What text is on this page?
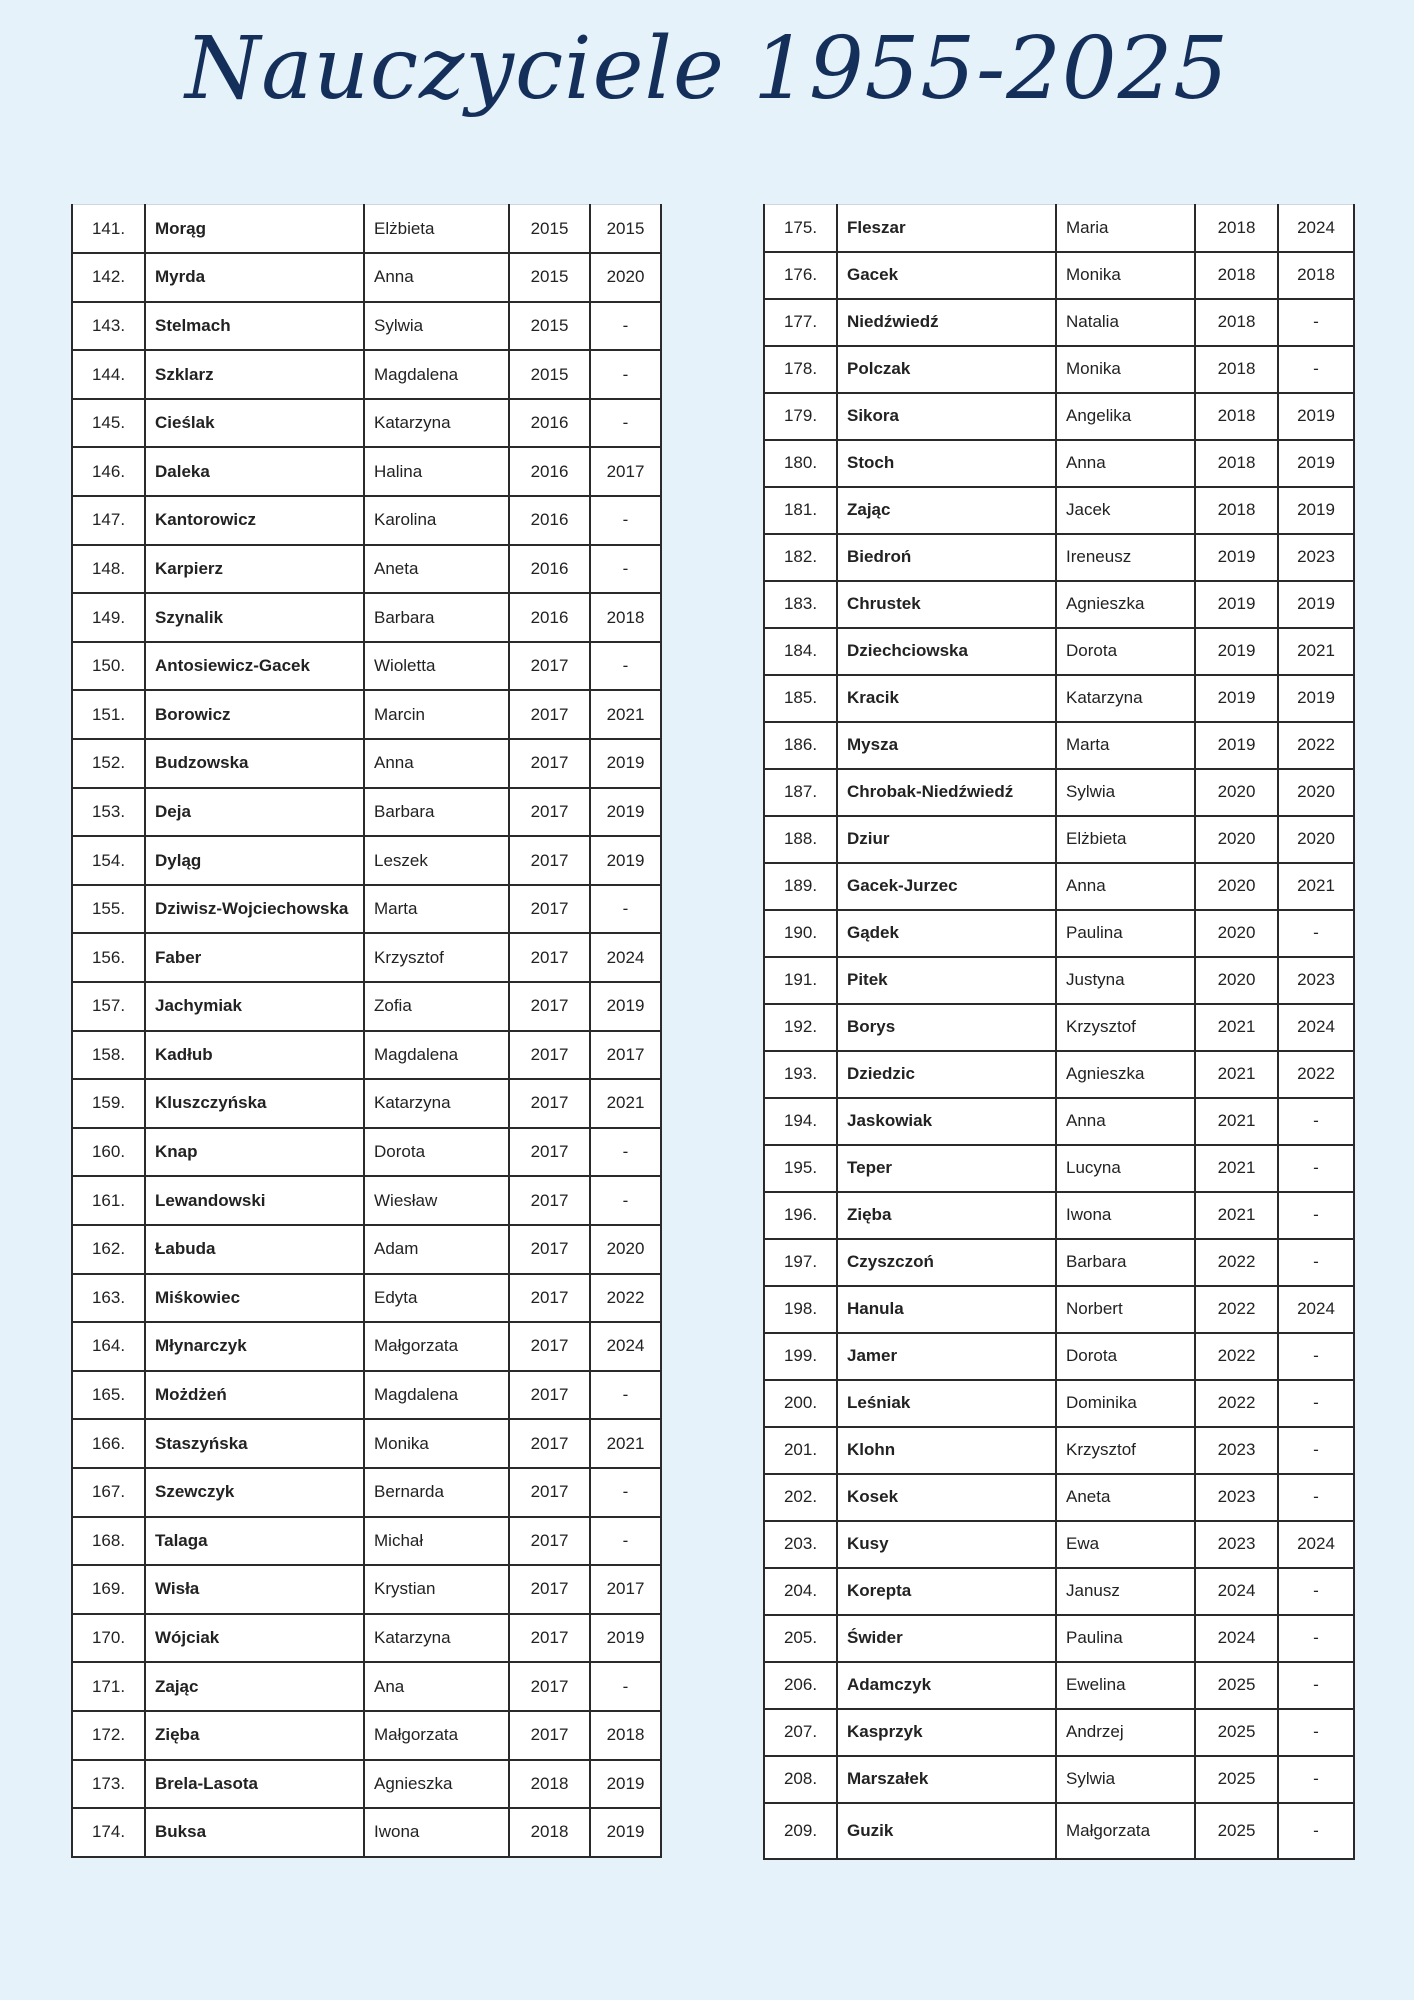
Nauczyciele 1955-2025
141.	Morąg	Elżbieta	2015	2015
142.	Myrda	Anna	2015	2020
143.	Stelmach	Sylwia	2015	-
144.	Szklarz	Magdalena	2015	-
145.	Cieślak	Katarzyna	2016	-
146.	Daleka	Halina	2016	2017
147.	Kantorowicz	Karolina	2016	-
148.	Karpierz	Aneta	2016	-
149.	Szynalik	Barbara	2016	2018
150.	Antosiewicz-Gacek	Wioletta	2017	-
151.	Borowicz	Marcin	2017	2021
152.	Budzowska	Anna	2017	2019
153.	Deja	Barbara	2017	2019
154.	Dyląg	Leszek	2017	2019
155.	Dziwisz-Wojciechowska	Marta	2017	-
156.	Faber	Krzysztof	2017	2024
157.	Jachymiak	Zofia	2017	2019
158.	Kadłub	Magdalena	2017	2017
159.	Kluszczyńska	Katarzyna	2017	2021
160.	Knap	Dorota	2017	-
161.	Lewandowski	Wiesław	2017	-
162.	Łabuda	Adam	2017	2020
163.	Miśkowiec	Edyta	2017	2022
164.	Młynarczyk	Małgorzata	2017	2024
165.	Możdżeń	Magdalena	2017	-
166.	Staszyńska	Monika	2017	2021
167.	Szewczyk	Bernarda	2017	-
168.	Talaga	Michał	2017	-
169.	Wisła	Krystian	2017	2017
170.	Wójciak	Katarzyna	2017	2019
171.	Zając	Ana	2017	-
172.	Zięba	Małgorzata	2017	2018
173.	Brela-Lasota	Agnieszka	2018	2019
174.	Buksa	Iwona	2018	2019
175.	Fleszar	Maria	2018	2024
176.	Gacek	Monika	2018	2018
177.	Niedźwiedź	Natalia	2018	-
178.	Polczak	Monika	2018	-
179.	Sikora	Angelika	2018	2019
180.	Stoch	Anna	2018	2019
181.	Zając	Jacek	2018	2019
182.	Biedroń	Ireneusz	2019	2023
183.	Chrustek	Agnieszka	2019	2019
184.	Dziechciowska	Dorota	2019	2021
185.	Kracik	Katarzyna	2019	2019
186.	Mysza	Marta	2019	2022
187.	Chrobak-Niedźwiedź	Sylwia	2020	2020
188.	Dziur	Elżbieta	2020	2020
189.	Gacek-Jurzec	Anna	2020	2021
190.	Gądek	Paulina	2020	-
191.	Pitek	Justyna	2020	2023
192.	Borys	Krzysztof	2021	2024
193.	Dziedzic	Agnieszka	2021	2022
194.	Jaskowiak	Anna	2021	-
195.	Teper	Lucyna	2021	-
196.	Zięba	Iwona	2021	-
197.	Czyszczoń	Barbara	2022	-
198.	Hanula	Norbert	2022	2024
199.	Jamer	Dorota	2022	-
200.	Leśniak	Dominika	2022	-
201.	Klohn	Krzysztof	2023	-
202.	Kosek	Aneta	2023	-
203.	Kusy	Ewa	2023	2024
204.	Korepta	Janusz	2024	-
205.	Świder	Paulina	2024	-
206.	Adamczyk	Ewelina	2025	-
207.	Kasprzyk	Andrzej	2025	-
208.	Marszałek	Sylwia	2025	-
209.	Guzik	Małgorzata	2025	-
